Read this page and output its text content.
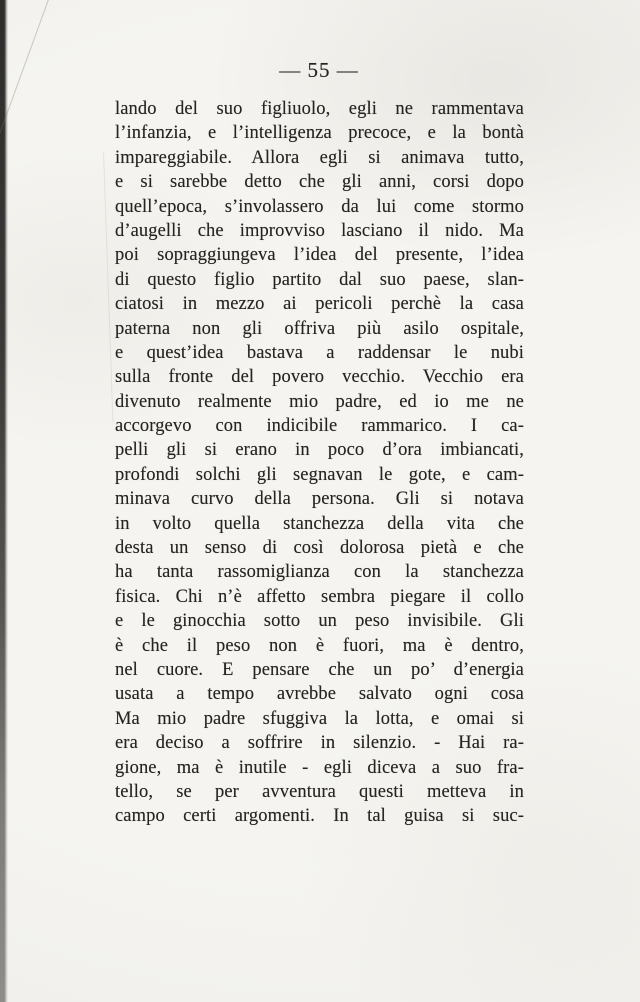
— 55 —
lando del suo figliuolo, egli ne rammentava
l’infanzia, e l’intelligenza precoce, e la bontà
impareggiabile. Allora egli si animava tutto,
e si sarebbe detto che gli anni, corsi dopo
quell’epoca, s’involassero da lui come stormo
d’augelli che improvviso lasciano il nido. Ma
poi sopraggiungeva l’idea del presente, l’idea
di questo figlio partito dal suo paese, slan-
ciatosi in mezzo ai pericoli perchè la casa
paterna non gli offriva più asilo ospitale,
e quest’idea bastava a raddensar le nubi
sulla fronte del povero vecchio. Vecchio era
divenuto realmente mio padre, ed io me ne
accorgevo con indicibile rammarico. I ca-
pelli gli si erano in poco d’ora imbiancati,
profondi solchi gli segnavan le gote, e cam-
minava curvo della persona. Gli si notava
in volto quella stanchezza della vita che
desta un senso di così dolorosa pietà e che
ha tanta rassomiglianza con la stanchezza
fisica. Chi n’è affetto sembra piegare il collo
e le ginocchia sotto un peso invisibile. Gli
è che il peso non è fuori, ma è dentro,
nel cuore. E pensare che un po’ d’energia
usata a tempo avrebbe salvato ogni cosa
Ma mio padre sfuggiva la lotta, e omai si
era deciso a soffrire in silenzio. - Hai ra-
gione, ma è inutile - egli diceva a suo fra-
tello, se per avventura questi metteva in
campo certi argomenti. In tal guisa si suc-
